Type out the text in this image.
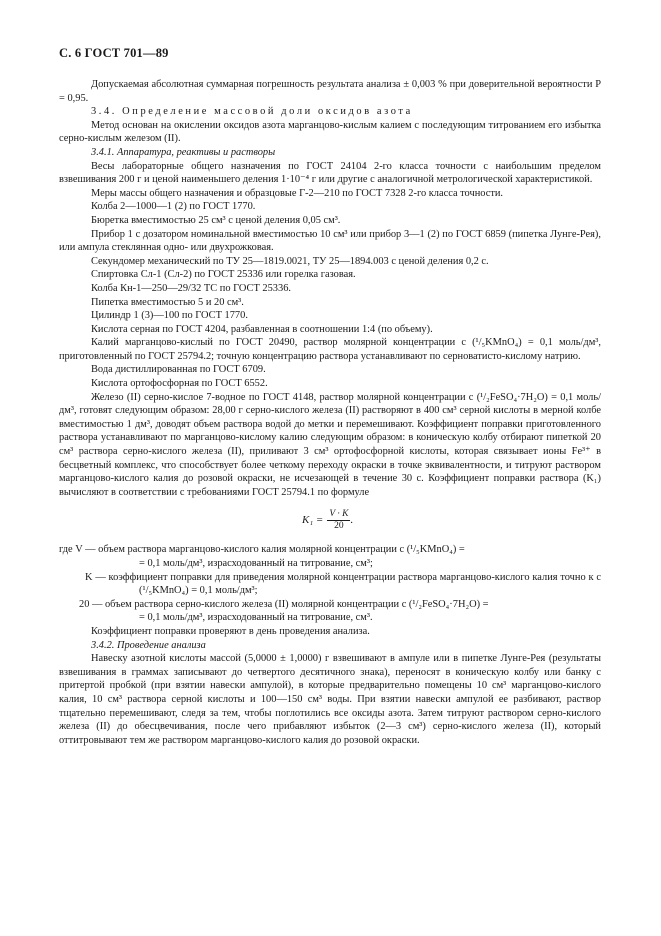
С. 6 ГОСТ 701—89

Допускаемая абсолютная суммарная погрешность результата анализа ± 0,003 % при доверительной вероятности P = 0,95.

3.4. Определение массовой доли оксидов азота

Метод основан на окислении оксидов азота марганцово-кислым калием с последующим титрованием его избытка серно-кислым железом (II).

3.4.1. Аппаратура, реактивы и растворы

Весы лабораторные общего назначения по ГОСТ 24104 2-го класса точности с наибольшим пределом взвешивания 200 г и ценой наименьшего деления 1·10⁻⁴ г или другие с аналогичной метрологической характеристикой.

Меры массы общего назначения и образцовые Г-2—210 по ГОСТ 7328 2-го класса точности.

Колба 2—1000—1 (2) по ГОСТ 1770.

Бюретка вместимостью 25 см³ с ценой деления 0,05 см³.

Прибор 1 с дозатором номинальной вместимостью 10 см³ или прибор 3—1 (2) по ГОСТ 6859 (пипетка Лунге-Рея), или ампула стеклянная одно- или двухрожковая.

Секундомер механический по ТУ 25—1819.0021, ТУ 25—1894.003 с ценой деления 0,2 с.

Спиртовка Сл-1 (Сл-2) по ГОСТ 25336 или горелка газовая.

Колба Кн-1—250—29/32 ТС по ГОСТ 25336.

Пипетка вместимостью 5 и 20 см³.

Цилиндр 1 (3)—100 по ГОСТ 1770.

Кислота серная по ГОСТ 4204, разбавленная в соотношении 1:4 (по объему).

Калий марганцово-кислый по ГОСТ 20490, раствор молярной концентрации c (¹/₅KMnO₄) = 0,1 моль/дм³, приготовленный по ГОСТ 25794.2; точную концентрацию раствора устанавливают по серноватисто-кислому натрию.

Вода дистиллированная по ГОСТ 6709.

Кислота ортофосфорная по ГОСТ 6552.

Железо (II) серно-кислое 7-водное по ГОСТ 4148, раствор молярной концентрации c (¹/₂FeSO₄·7H₂O) = 0,1 моль/дм³, готовят следующим образом: 28,00 г серно-кислого железа (II) растворяют в 400 см³ серной кислоты в мерной колбе вместимостью 1 дм³, доводят объем раствора водой до метки и перемешивают. Коэффициент поправки приготовленного раствора устанавливают по марганцово-кислому калию следующим образом: в коническую колбу отбирают пипеткой 20 см³ раствора серно-кислого железа (II), приливают 3 см³ ортофосфорной кислоты, которая связывает ионы Fe³⁺ в бесцветный комплекс, что способствует более четкому переходу окраски в точке эквивалентности, и титруют раствором марганцово-кислого калия до розовой окраски, не исчезающей в течение 30 с. Коэффициент поправки раствора (K₁) вычисляют в соответствии с требованиями ГОСТ 25794.1 по формуле

$K_1 = \frac{V \cdot K}{20}$ .

где V — объем раствора марганцово-кислого калия молярной концентрации c (¹/₅KMnO₄) =

= 0,1 моль/дм³, израсходованный на титрование, см³;

K — коэффициент поправки для приведения молярной концентрации раствора марганцово-кислого калия точно к c (¹/₅KMnO₄) = 0,1 моль/дм³;

20 — объем раствора серно-кислого железа (II) молярной концентрации c (¹/₂FeSO₄·7H₂O) =

= 0,1 моль/дм³, израсходованный на титрование, см³.

Коэффициент поправки проверяют в день проведения анализа.

3.4.2. Проведение анализа

Навеску азотной кислоты массой (5,0000 ± 1,0000) г взвешивают в ампуле или в пипетке Лунге-Рея (результаты взвешивания в граммах записывают до четвертого десятичного знака), переносят в коническую колбу или банку с притертой пробкой (при взятии навески ампулой), в которые предварительно помещены 10 см³ марганцово-кислого калия, 10 см³ раствора серной кислоты и 100—150 см³ воды. При взятии навески ампулой ее разбивают, раствор тщательно перемешивают, следя за тем, чтобы поглотились все оксиды азота. Затем титруют раствором серно-кислого железа (II) до обесцвечивания, после чего прибавляют избыток (2—3 см³) серно-кислого железа (II), который оттитровывают тем же раствором марганцово-кислого калия до розовой окраски.
